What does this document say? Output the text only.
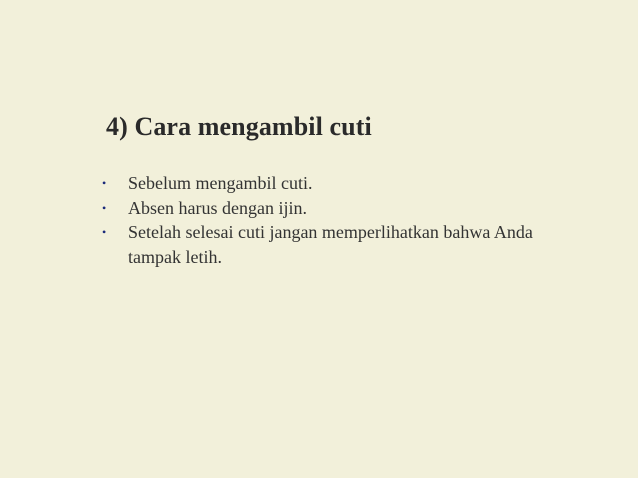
4) Cara mengambil cuti
•	Sebelum mengambil cuti.
•	Absen harus dengan ijin.
•	Setelah selesai cuti jangan memperlihatkan bahwa Anda tampak letih.
